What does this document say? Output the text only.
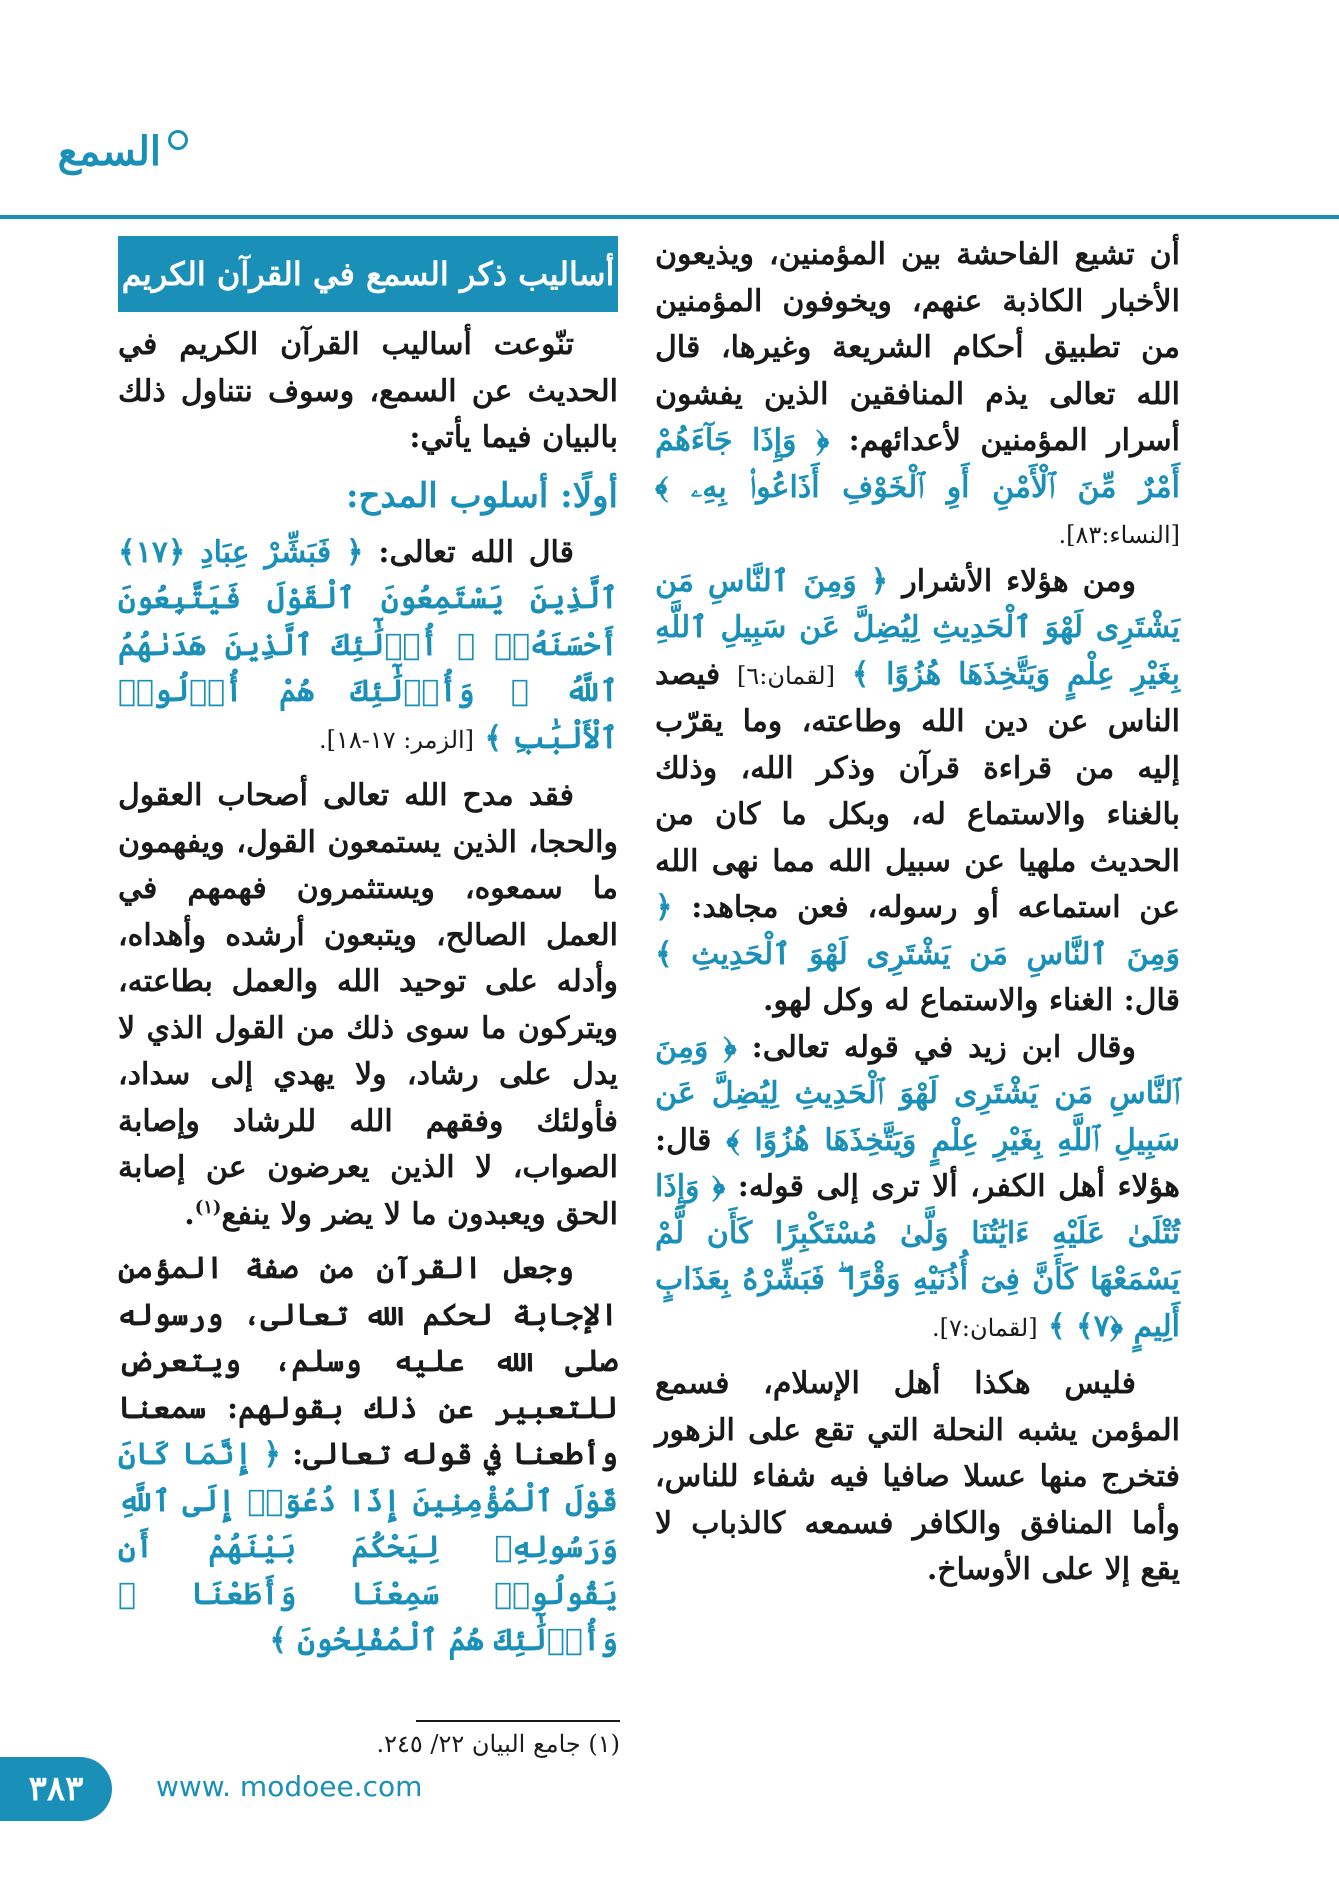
السمع

أن تشيع الفاحشة بين المؤمنين، ويذيعون الأخبار الكاذبة عنهم، ويخوفون المؤمنين من تطبيق أحكام الشريعة وغيرها، قال الله تعالى يذم المنافقين الذين يفشون أسرار المؤمنين لأعدائهم: ﴿ وَإِذَا جَآءَهُمْ أَمْرٌ مِّنَ ٱلْأَمْنِ أَوِ ٱلْخَوْفِ أَذَاعُوا۟ بِهِۦ ﴾ [النساء:٨٣].

ومن هؤلاء الأشرار ﴿ وَمِنَ ٱلنَّاسِ مَن يَشْتَرِى لَهْوَ ٱلْحَدِيثِ لِيُضِلَّ عَن سَبِيلِ ٱللَّهِ بِغَيْرِ عِلْمٍ وَيَتَّخِذَهَا هُزُوًا ﴾ [لقمان:٦] فيصد الناس عن دين الله وطاعته، وما يقرّب إليه من قراءة قرآن وذكر الله، وذلك بالغناء والاستماع له، وبكل ما كان من الحديث ملهيا عن سبيل الله مما نهى الله عن استماعه أو رسوله، فعن مجاهد: ﴿ وَمِنَ ٱلنَّاسِ مَن يَشْتَرِى لَهْوَ ٱلْحَدِيثِ ﴾ قال: الغناء والاستماع له وكل لهو.

وقال ابن زيد في قوله تعالى: ﴿ وَمِنَ ٱلنَّاسِ مَن يَشْتَرِى لَهْوَ ٱلْحَدِيثِ لِيُضِلَّ عَن سَبِيلِ ٱللَّهِ بِغَيْرِ عِلْمٍ وَيَتَّخِذَهَا هُزُوًا ﴾ قال: هؤلاء أهل الكفر، ألا ترى إلى قوله: ﴿ وَإِذَا تُتْلَىٰ عَلَيْهِ ءَايَٰتُنَا وَلَّىٰ مُسْتَكْبِرًا كَأَن لَّمْ يَسْمَعْهَا كَأَنَّ فِىٓ أُذُنَيْهِ وَقْرًا ۖ فَبَشِّرْهُ بِعَذَابٍ أَلِيمٍ ﴿٧﴾ ﴾ [لقمان:٧].

فليس هكذا أهل الإسلام، فسمع المؤمن يشبه النحلة التي تقع على الزهور فتخرج منها عسلا صافيا فيه شفاء للناس، وأما المنافق والكافر فسمعه كالذباب لا يقع إلا على الأوساخ.

أساليب ذكر السمع في القرآن الكريم

تنّوعت أساليب القرآن الكريم في الحديث عن السمع، وسوف نتناول ذلك بالبيان فيما يأتي:

أولًا: أسلوب المدح:

قال الله تعالى: ﴿ فَبَشِّرْ عِبَادِ ﴿١٧﴾ ٱلَّذِينَ يَسْتَمِعُونَ ٱلْقَوْلَ فَيَتَّبِعُونَ أَحْسَنَهُۥٓ ۚ أُو۟لَٰٓئِكَ ٱلَّذِينَ هَدَىٰهُمُ ٱللَّهُ ۖ وَأُو۟لَٰٓئِكَ هُمْ أُو۟لُوا۟ ٱلْأَلْبَٰبِ ﴾ [الزمر: ١٧-١٨].

فقد مدح الله تعالى أصحاب العقول والحجا، الذين يستمعون القول، ويفهمون ما سمعوه، ويستثمرون فهمهم في العمل الصالح، ويتبعون أرشده وأهداه، وأدله على توحيد الله والعمل بطاعته، ويتركون ما سوى ذلك من القول الذي لا يدل على رشاد، ولا يهدي إلى سداد، فأولئك وفقهم الله للرشاد وإصابة الصواب، لا الذين يعرضون عن إصابة الحق ويعبدون ما لا يضر ولا ينفع$^{(١)}$.

وجعل القرآن من صفة المؤمن الإجابة لحكم الله تعالى، ورسوله صلى الله عليه وسلم، ويتعرض للتعبير عن ذلك بقولهم: سمعنا وأطعنا في قوله تعالى: ﴿ إِنَّمَا كَانَ قَوْلَ ٱلْمُؤْمِنِينَ إِذَا دُعُوٓا۟ إِلَى ٱللَّهِ وَرَسُولِهِۦ لِيَحْكُمَ بَيْنَهُمْ أَن يَقُولُوا۟ سَمِعْنَا وَأَطَعْنَا ۚ وَأُو۟لَٰٓئِكَ هُمُ ٱلْمُفْلِحُونَ ﴾

(١) جامع البيان ٢٢/ ٢٤٥.
٣٨٣	www. modoee.com
